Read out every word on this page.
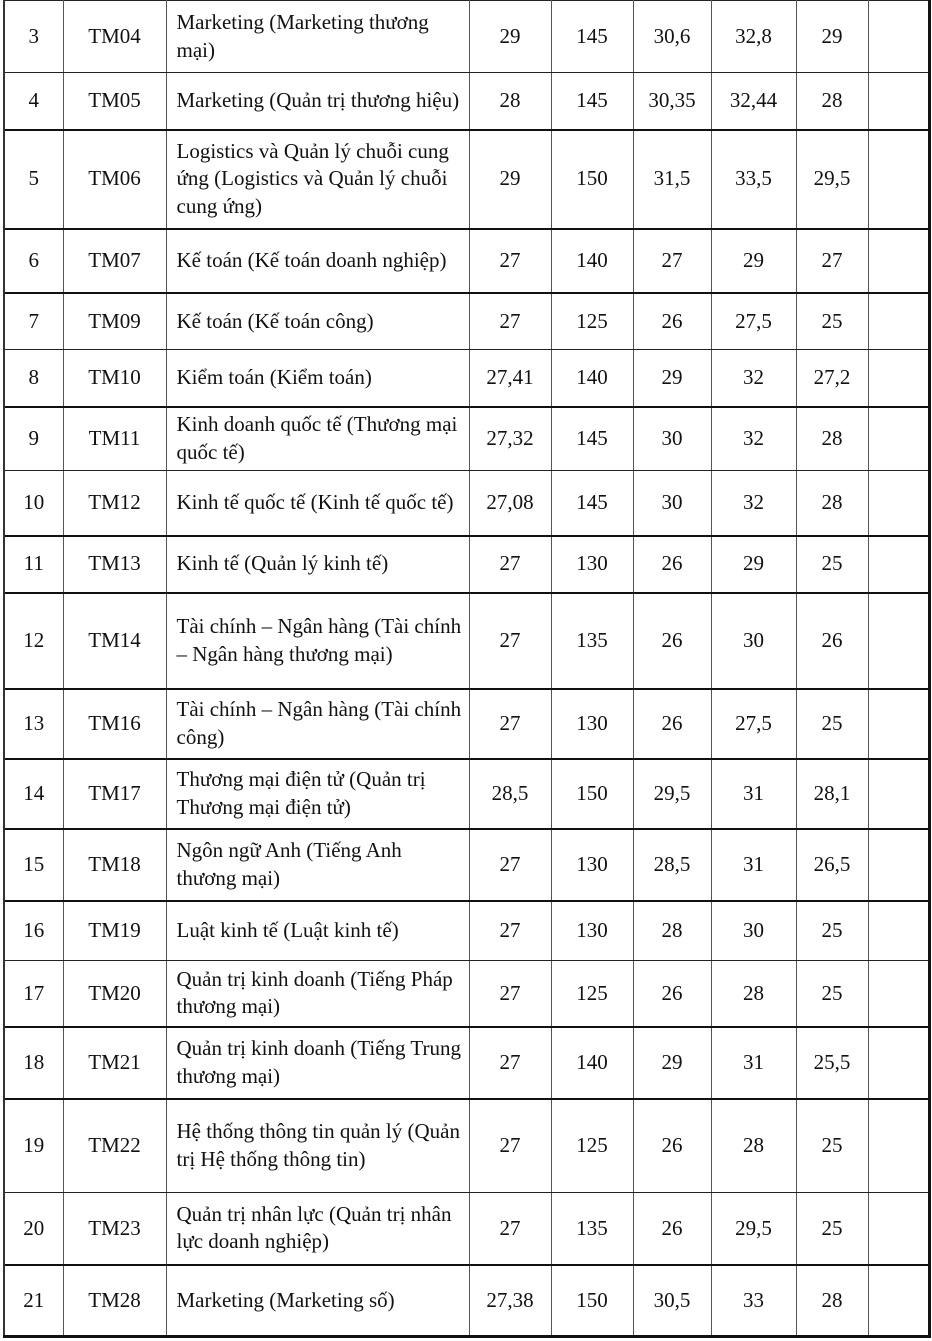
3	TM04	Marketing (Marketing thương mại)	29	145	30,6	32,8	29	
4	TM05	Marketing (Quản trị thương hiệu)	28	145	30,35	32,44	28	
5	TM06	Logistics và Quản lý chuỗi cung ứng (Logistics và Quản lý chuỗi cung ứng)	29	150	31,5	33,5	29,5	
6	TM07	Kế toán (Kế toán doanh nghiệp)	27	140	27	29	27	
7	TM09	Kế toán (Kế toán công)	27	125	26	27,5	25	
8	TM10	Kiểm toán (Kiểm toán)	27,41	140	29	32	27,2	
9	TM11	Kinh doanh quốc tế (Thương mại quốc tế)	27,32	145	30	32	28	
10	TM12	Kinh tế quốc tế (Kinh tế quốc tế)	27,08	145	30	32	28	
11	TM13	Kinh tế (Quản lý kinh tế)	27	130	26	29	25	
12	TM14	Tài chính – Ngân hàng (Tài chính – Ngân hàng thương mại)	27	135	26	30	26	
13	TM16	Tài chính – Ngân hàng (Tài chính công)	27	130	26	27,5	25	
14	TM17	Thương mại điện tử (Quản trị Thương mại điện tử)	28,5	150	29,5	31	28,1	
15	TM18	Ngôn ngữ Anh (Tiếng Anh thương mại)	27	130	28,5	31	26,5	
16	TM19	Luật kinh tế (Luật kinh tế)	27	130	28	30	25	
17	TM20	Quản trị kinh doanh (Tiếng Pháp thương mại)	27	125	26	28	25	
18	TM21	Quản trị kinh doanh (Tiếng Trung thương mại)	27	140	29	31	25,5	
19	TM22	Hệ thống thông tin quản lý (Quản trị Hệ thống thông tin)	27	125	26	28	25	
20	TM23	Quản trị nhân lực (Quản trị nhân lực doanh nghiệp)	27	135	26	29,5	25	
21	TM28	Marketing (Marketing số)	27,38	150	30,5	33	28	
